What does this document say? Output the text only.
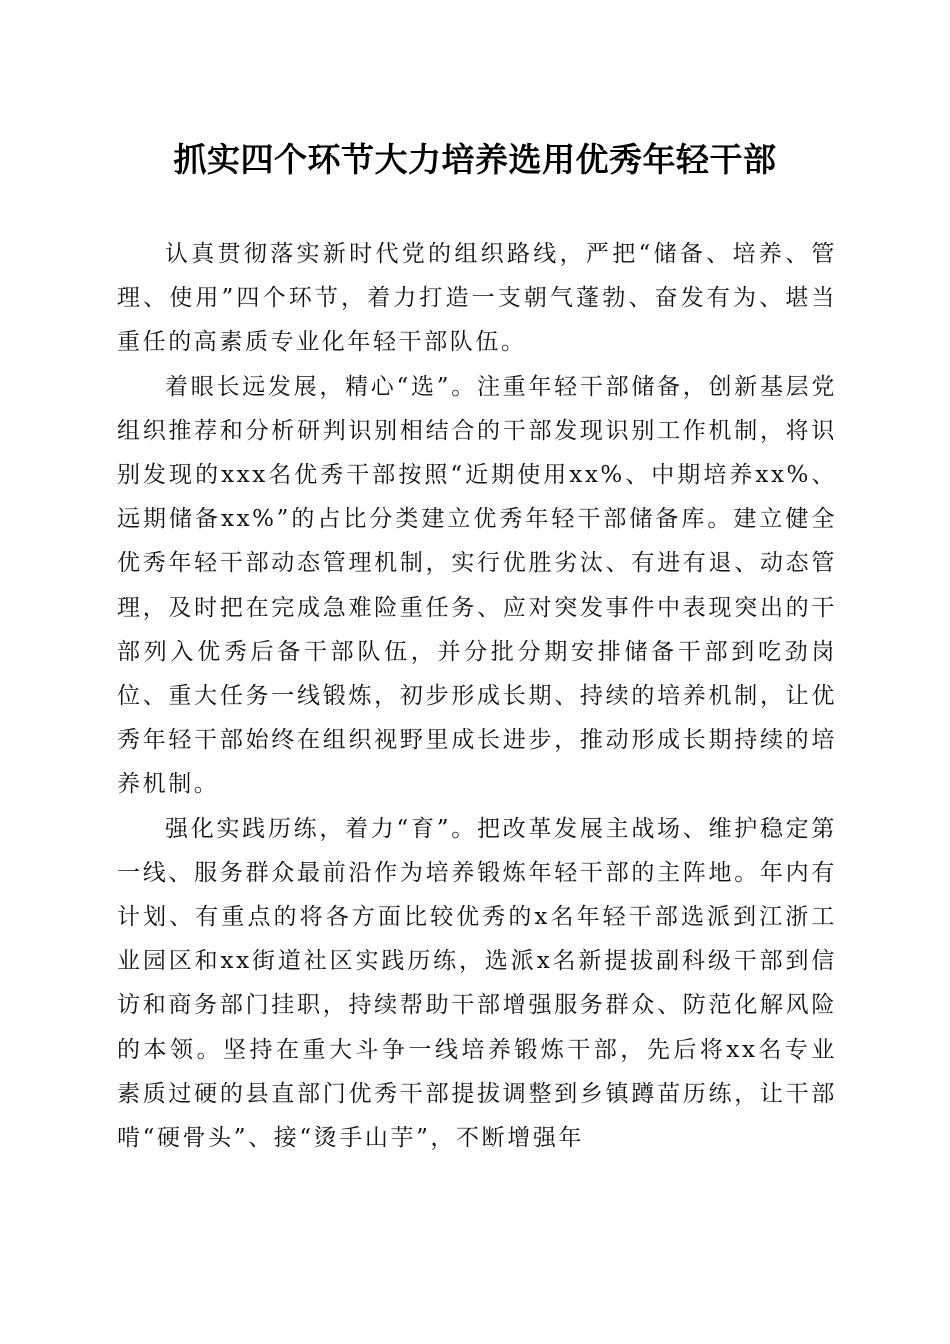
抓实四个环节大力培养选用优秀年轻干部

认真贯彻落实新时代党的组织路线，严把“储备、培养、管理、使用”四个环节，着力打造一支朝气蓬勃、奋发有为、堪当重任的高素质专业化年轻干部队伍。

着眼长远发展，精心“选”。注重年轻干部储备，创新基层党组织推荐和分析研判识别相结合的干部发现识别工作机制，将识别发现的xxx名优秀干部按照“近期使用xx%、中期培养xx%、远期储备xx%”的占比分类建立优秀年轻干部储备库。建立健全优秀年轻干部动态管理机制，实行优胜劣汰、有进有退、动态管理，及时把在完成急难险重任务、应对突发事件中表现突出的干部列入优秀后备干部队伍，并分批分期安排储备干部到吃劲岗位、重大任务一线锻炼，初步形成长期、持续的培养机制，让优秀年轻干部始终在组织视野里成长进步，推动形成长期持续的培养机制。

强化实践历练，着力“育”。把改革发展主战场、维护稳定第一线、服务群众最前沿作为培养锻炼年轻干部的主阵地。年内有计划、有重点的将各方面比较优秀的x名年轻干部选派到江浙工业园区和xx街道社区实践历练，选派x名新提拔副科级干部到信访和商务部门挂职，持续帮助干部增强服务群众、防范化解风险的本领。坚持在重大斗争一线培养锻炼干部，先后将xx名专业素质过硬的县直部门优秀干部提拔调整到乡镇蹲苗历练，让干部啃“硬骨头”、接“烫手山芋”，不断增强年
